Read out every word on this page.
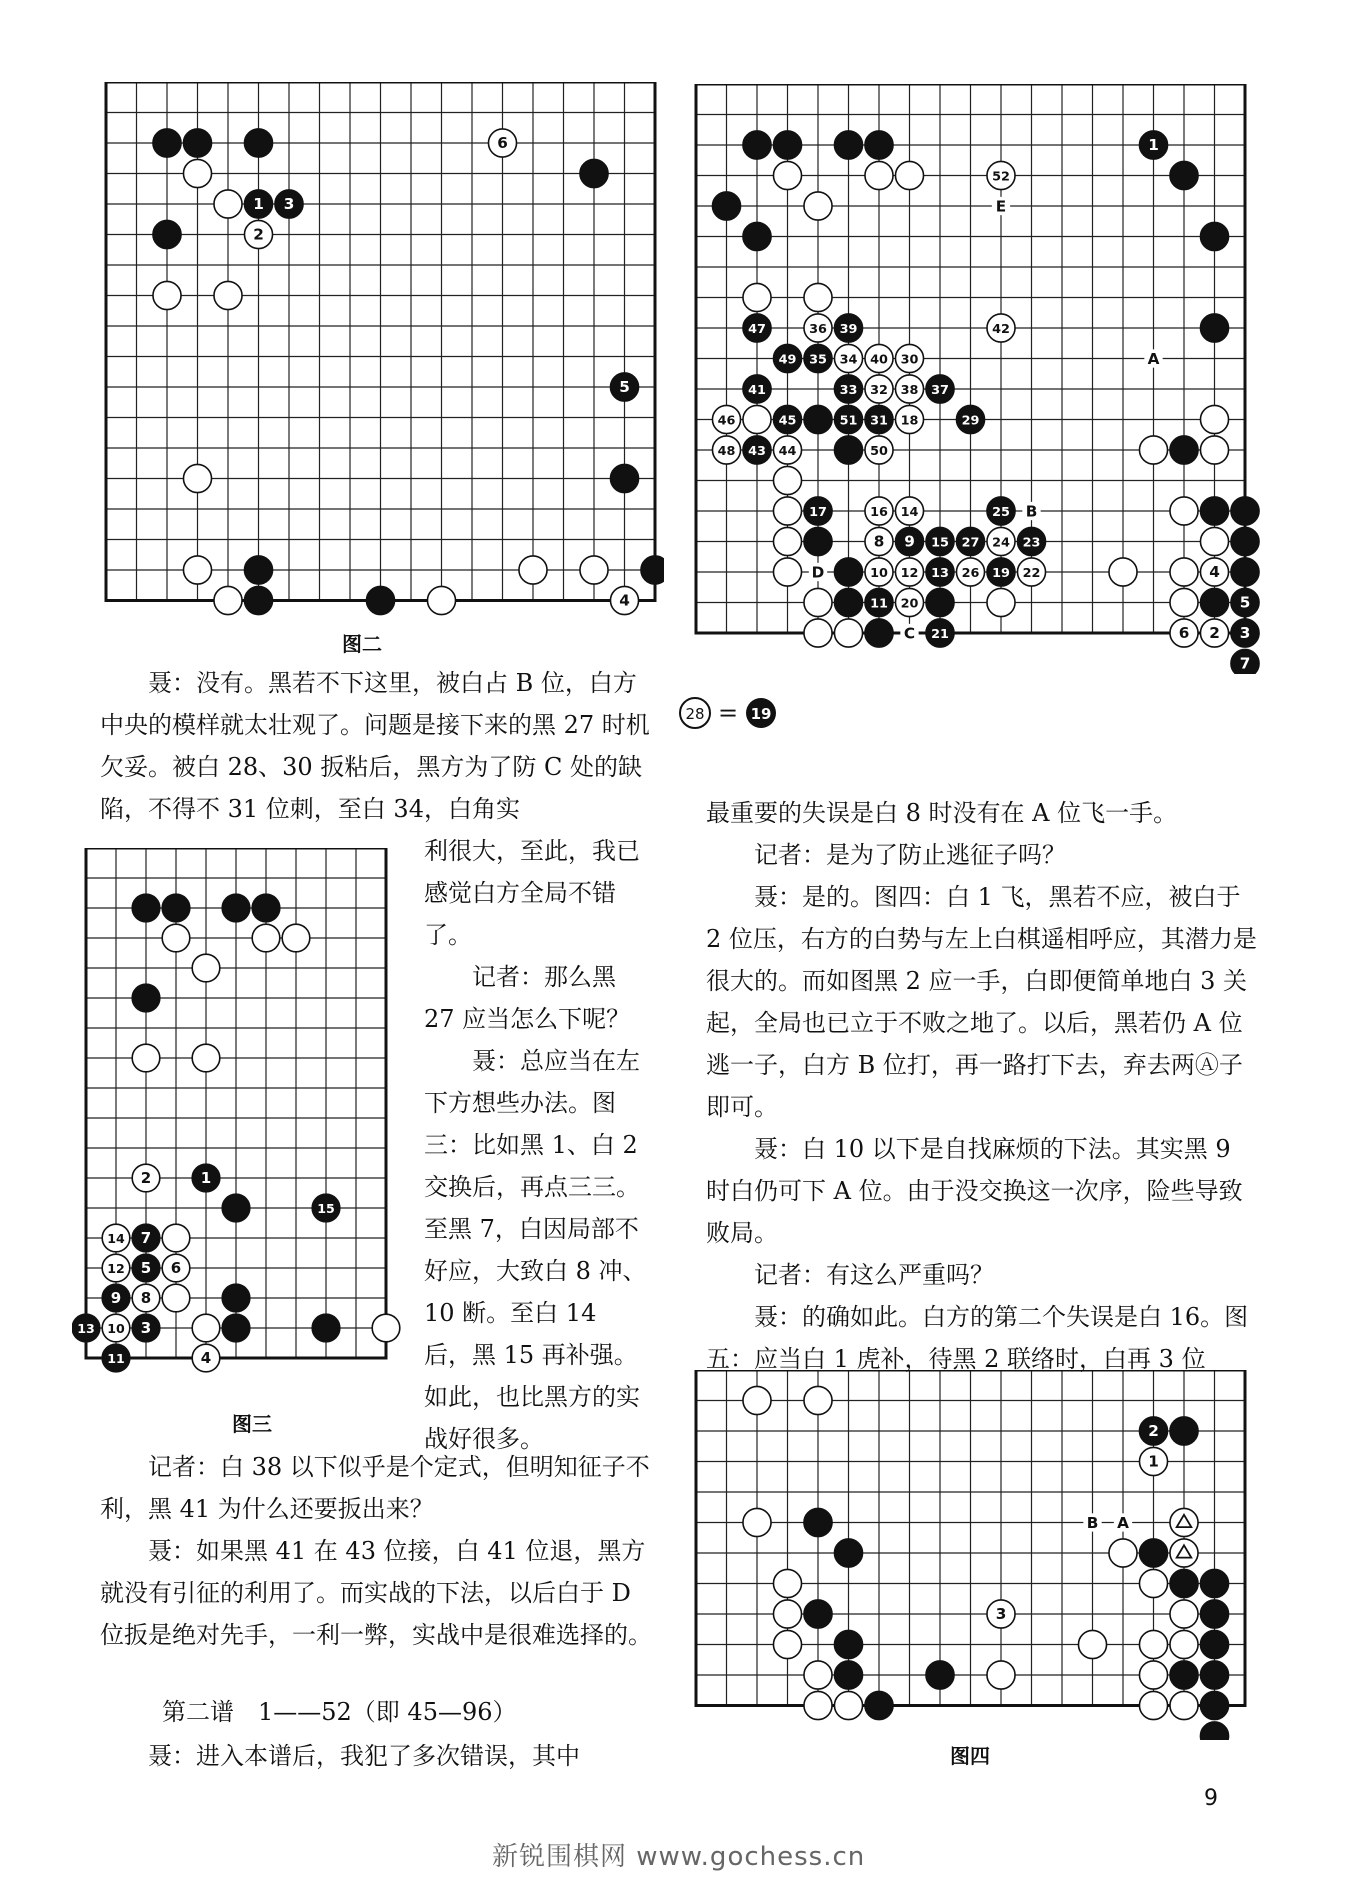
1 3
2
6
5
4
图二
1
52
47	36 39	42
49 35 34 40 30
41	33 32 38 37
46	45	51 31 18	29
48 43 44	50
17	16 14	25
8 9 15 27 24 23
10 12 13 26 19 22	4
11 20	5
21	6 2 3
7
E
A
B
D
C
28 = 19
2	1
15
14 7
12 5 6
9 8
13 10 3
11	4
图三	2
1
3
B A
图四

聂：没有。黑若不下这里，被白占 B 位，白方中央的模样就太壮观了。问题是接下来的黑 27 时机欠妥。被白 28、30 扳粘后，黑方为了防 C 处的缺陷，不得不 31 位刺，至白 34，白角实

利很大，至此，我已感觉白方全局不错了。

记者：那么黑 27 应当怎么下呢？

聂：总应当在左下方想些办法。图三：比如黑 1、白 2 交换后，再点三三。至黑 7，白因局部不好应，大致白 8 冲、10 断。至白 14 后，黑 15 再补强。如此，也比黑方的实战好很多。

记者：白 38 以下似乎是个定式，但明知征子不利，黑 41 为什么还要扳出来？

聂：如果黑 41 在 43 位接，白 41 位退，黑方就没有引征的利用了。而实战的下法，以后白于 D 位扳是绝对先手，一利一弊，实战中是很难选择的。

第二谱　1——52（即 45—96）

聂：进入本谱后，我犯了多次错误，其中

最重要的失误是白 8 时没有在 A 位飞一手。

记者：是为了防止逃征子吗？

聂：是的。图四：白 1 飞，黑若不应，被白于 2 位压，右方的白势与左上白棋遥相呼应，其潜力是很大的。而如图黑 2 应一手，白即便简单地白 3 关起，全局也已立于不败之地了。以后，黑若仍 A 位逃一子，白方 B 位打，再一路打下去，弃去两Ⓐ子即可。

聂：白 10 以下是自找麻烦的下法。其实黑 9 时白仍可下 A 位。由于没交换这一次序，险些导致败局。

记者：有这么严重吗？

聂：的确如此。白方的第二个失误是白 16。图五：应当白 1 虎补，待黑 2 联络时，白再 3 位

9
新锐围棋网 www.gochess.cn
